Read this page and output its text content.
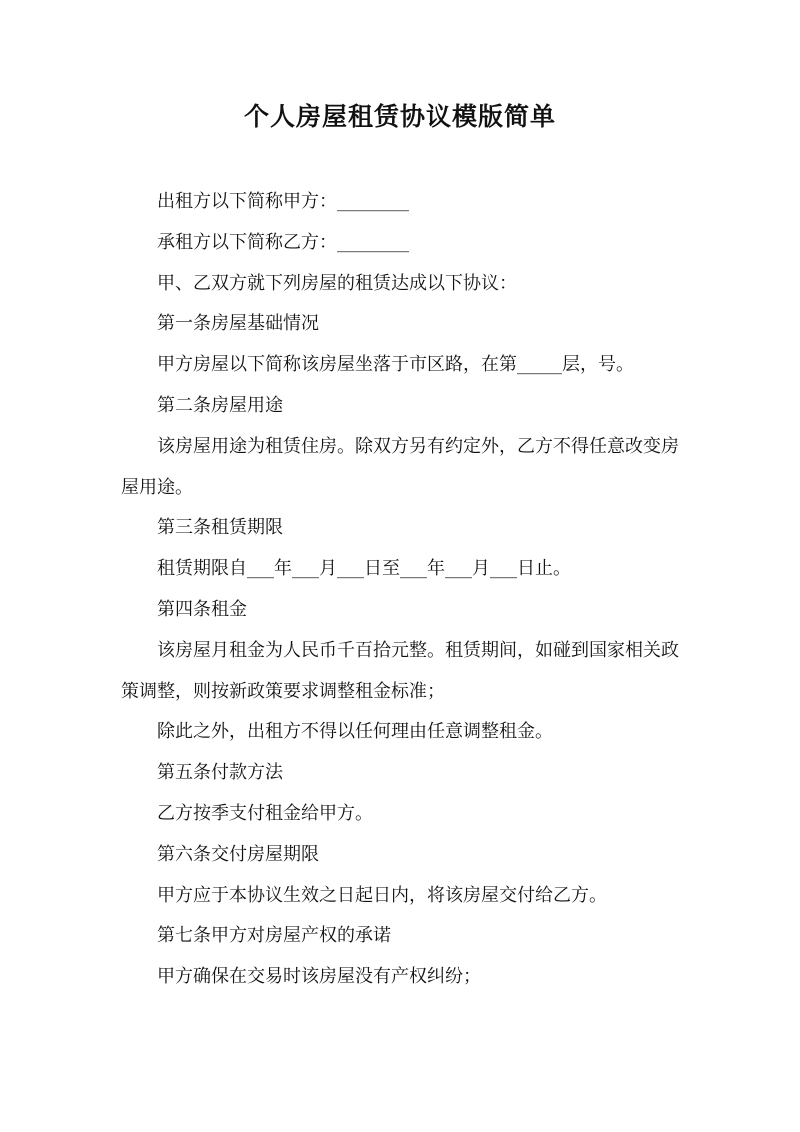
个人房屋租赁协议模版简单

出租方以下简称甲方：________

承租方以下简称乙方：________

甲、乙双方就下列房屋的租赁达成以下协议：

第一条房屋基础情况

甲方房屋以下简称该房屋坐落于市区路，在第_____层，号。

第二条房屋用途

该房屋用途为租赁住房。除双方另有约定外，乙方不得任意改变房屋用途。

第三条租赁期限

租赁期限自___年___月___日至___年___月___日止。

第四条租金

该房屋月租金为人民币千百拾元整。租赁期间，如碰到国家相关政策调整，则按新政策要求调整租金标准；

除此之外，出租方不得以任何理由任意调整租金。

第五条付款方法

乙方按季支付租金给甲方。

第六条交付房屋期限

甲方应于本协议生效之日起日内，将该房屋交付给乙方。

第七条甲方对房屋产权的承诺

甲方确保在交易时该房屋没有产权纠纷；
